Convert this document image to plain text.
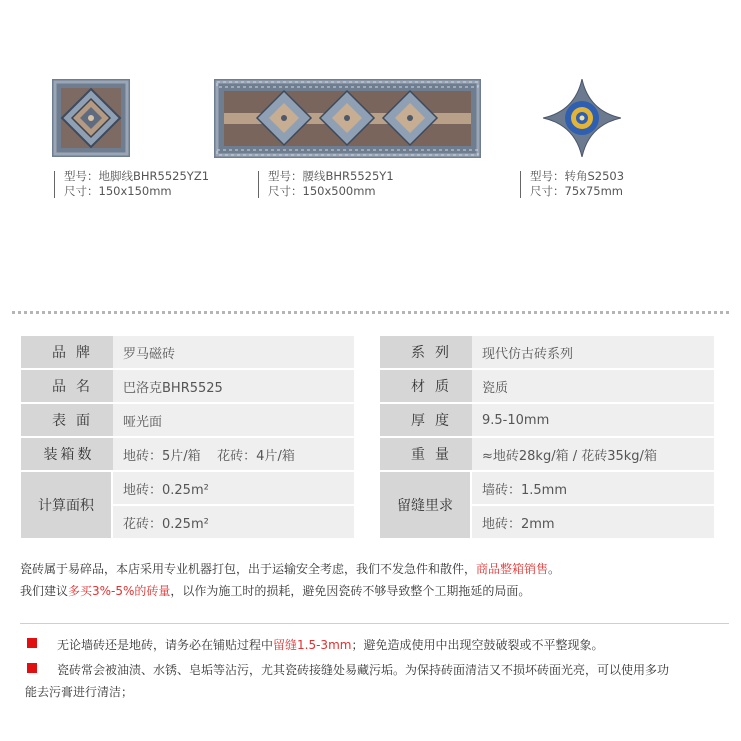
型号：地脚线BHR5525YZ1
尺寸：150x150mm
型号：腰线BHR5525Y1
尺寸：150x500mm
型号：转角S2503
尺寸：75x75mm
品牌	罗马磁砖
品名	巴洛克BHR5525
表面	哑光面
装箱数	地砖：5片/箱    花砖：4片/箱
计算面积
地砖：0.25m²
花砖：0.25m²
系列	现代仿古砖系列
材质	瓷质
厚度	9.5-10mm
重量	≈地砖28kg/箱 / 花砖35kg/箱
留缝里求
墙砖：1.5mm
地砖：2mm
瓷砖属于易碎品，本店采用专业机器打包，出于运输安全考虑，我们不发急件和散件，商品整箱销售。
我们建议多买3%-5%的砖量，以作为施工时的损耗，避免因瓷砖不够导致整个工期拖延的局面。
无论墙砖还是地砖，请务必在铺贴过程中留缝1.5-3mm；避免造成使用中出现空鼓破裂或不平整现象。
瓷砖常会被油渍、水锈、皂垢等沾污，尤其瓷砖接缝处易藏污垢。为保持砖面清洁又不损坏砖面光亮，可以使用多功
能去污膏进行清洁；
